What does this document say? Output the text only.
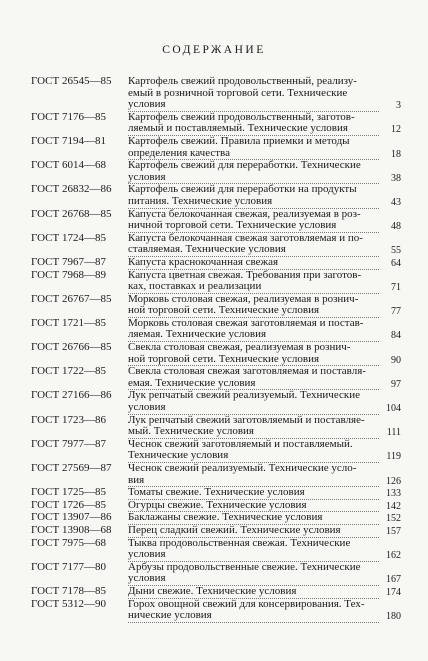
СОДЕРЖАНИЕ
ГОСТ 26545—85	Картофель свежий продовольственный, реализу-
емый в розничной торговой сети. Технические
условия	3
ГОСТ 7176—85	Картофель свежий продовольственный, заготов-
ляемый и поставляемый. Технические условия	12
ГОСТ 7194—81	Картофель свежий. Правила приемки и методы
определения качества	18
ГОСТ 6014—68	Картофель свежий для переработки. Технические
условия	38
ГОСТ 26832—86	Картофель свежий для переработки на продукты
питания. Технические условия	43
ГОСТ 26768—85	Капуста белокочанная свежая, реализуемая в роз-
ничной торговой сети. Технические условия	48
ГОСТ 1724—85	Капуста белокочанная свежая заготовляемая и по-
ставляемая. Технические условия	55
ГОСТ 7967—87	Капуста краснокочанная свежая	64
ГОСТ 7968—89	Капуста цветная свежая. Требования при заготов-
ках, поставках и реализации	71
ГОСТ 26767—85	Морковь столовая свежая, реализуемая в рознич-
ной торговой сети. Технические условия	77
ГОСТ 1721—85	Морковь столовая свежая заготовляемая и постав-
ляемая. Технические условия	84
ГОСТ 26766—85	Свекла столовая свежая, реализуемая в рознич-
ной торговой сети. Технические условия	90
ГОСТ 1722—85	Свекла столовая свежая заготовляемая и поставля-
емая. Технические условия	97
ГОСТ 27166—86	Лук репчатый свежий реализуемый. Технические
условия	104
ГОСТ 1723—86	Лук репчатый свежий заготовляемый и поставляе-
мый. Технические условия	111
ГОСТ 7977—87	Чеснок свежий заготовляемый и поставляемый.
Технические условия	119
ГОСТ 27569—87	Чеснок свежий реализуемый. Технические усло-
вия	126
ГОСТ 1725—85	Томаты свежие. Технические условия	133
ГОСТ 1726—85	Огурцы свежие. Технические условия	142
ГОСТ 13907—86	Баклажаны свежие. Технические условия	152
ГОСТ 13908—68	Перец сладкий свежий. Технические условия	157
ГОСТ 7975—68	Тыква продовольственная свежая. Технические
условия	162
ГОСТ 7177—80	Арбузы продовольственные свежие. Технические
условия	167
ГОСТ 7178—85	Дыни свежие. Технические условия	174
ГОСТ 5312—90	Горох овощной свежий для консервирования. Тех-
нические условия	180
